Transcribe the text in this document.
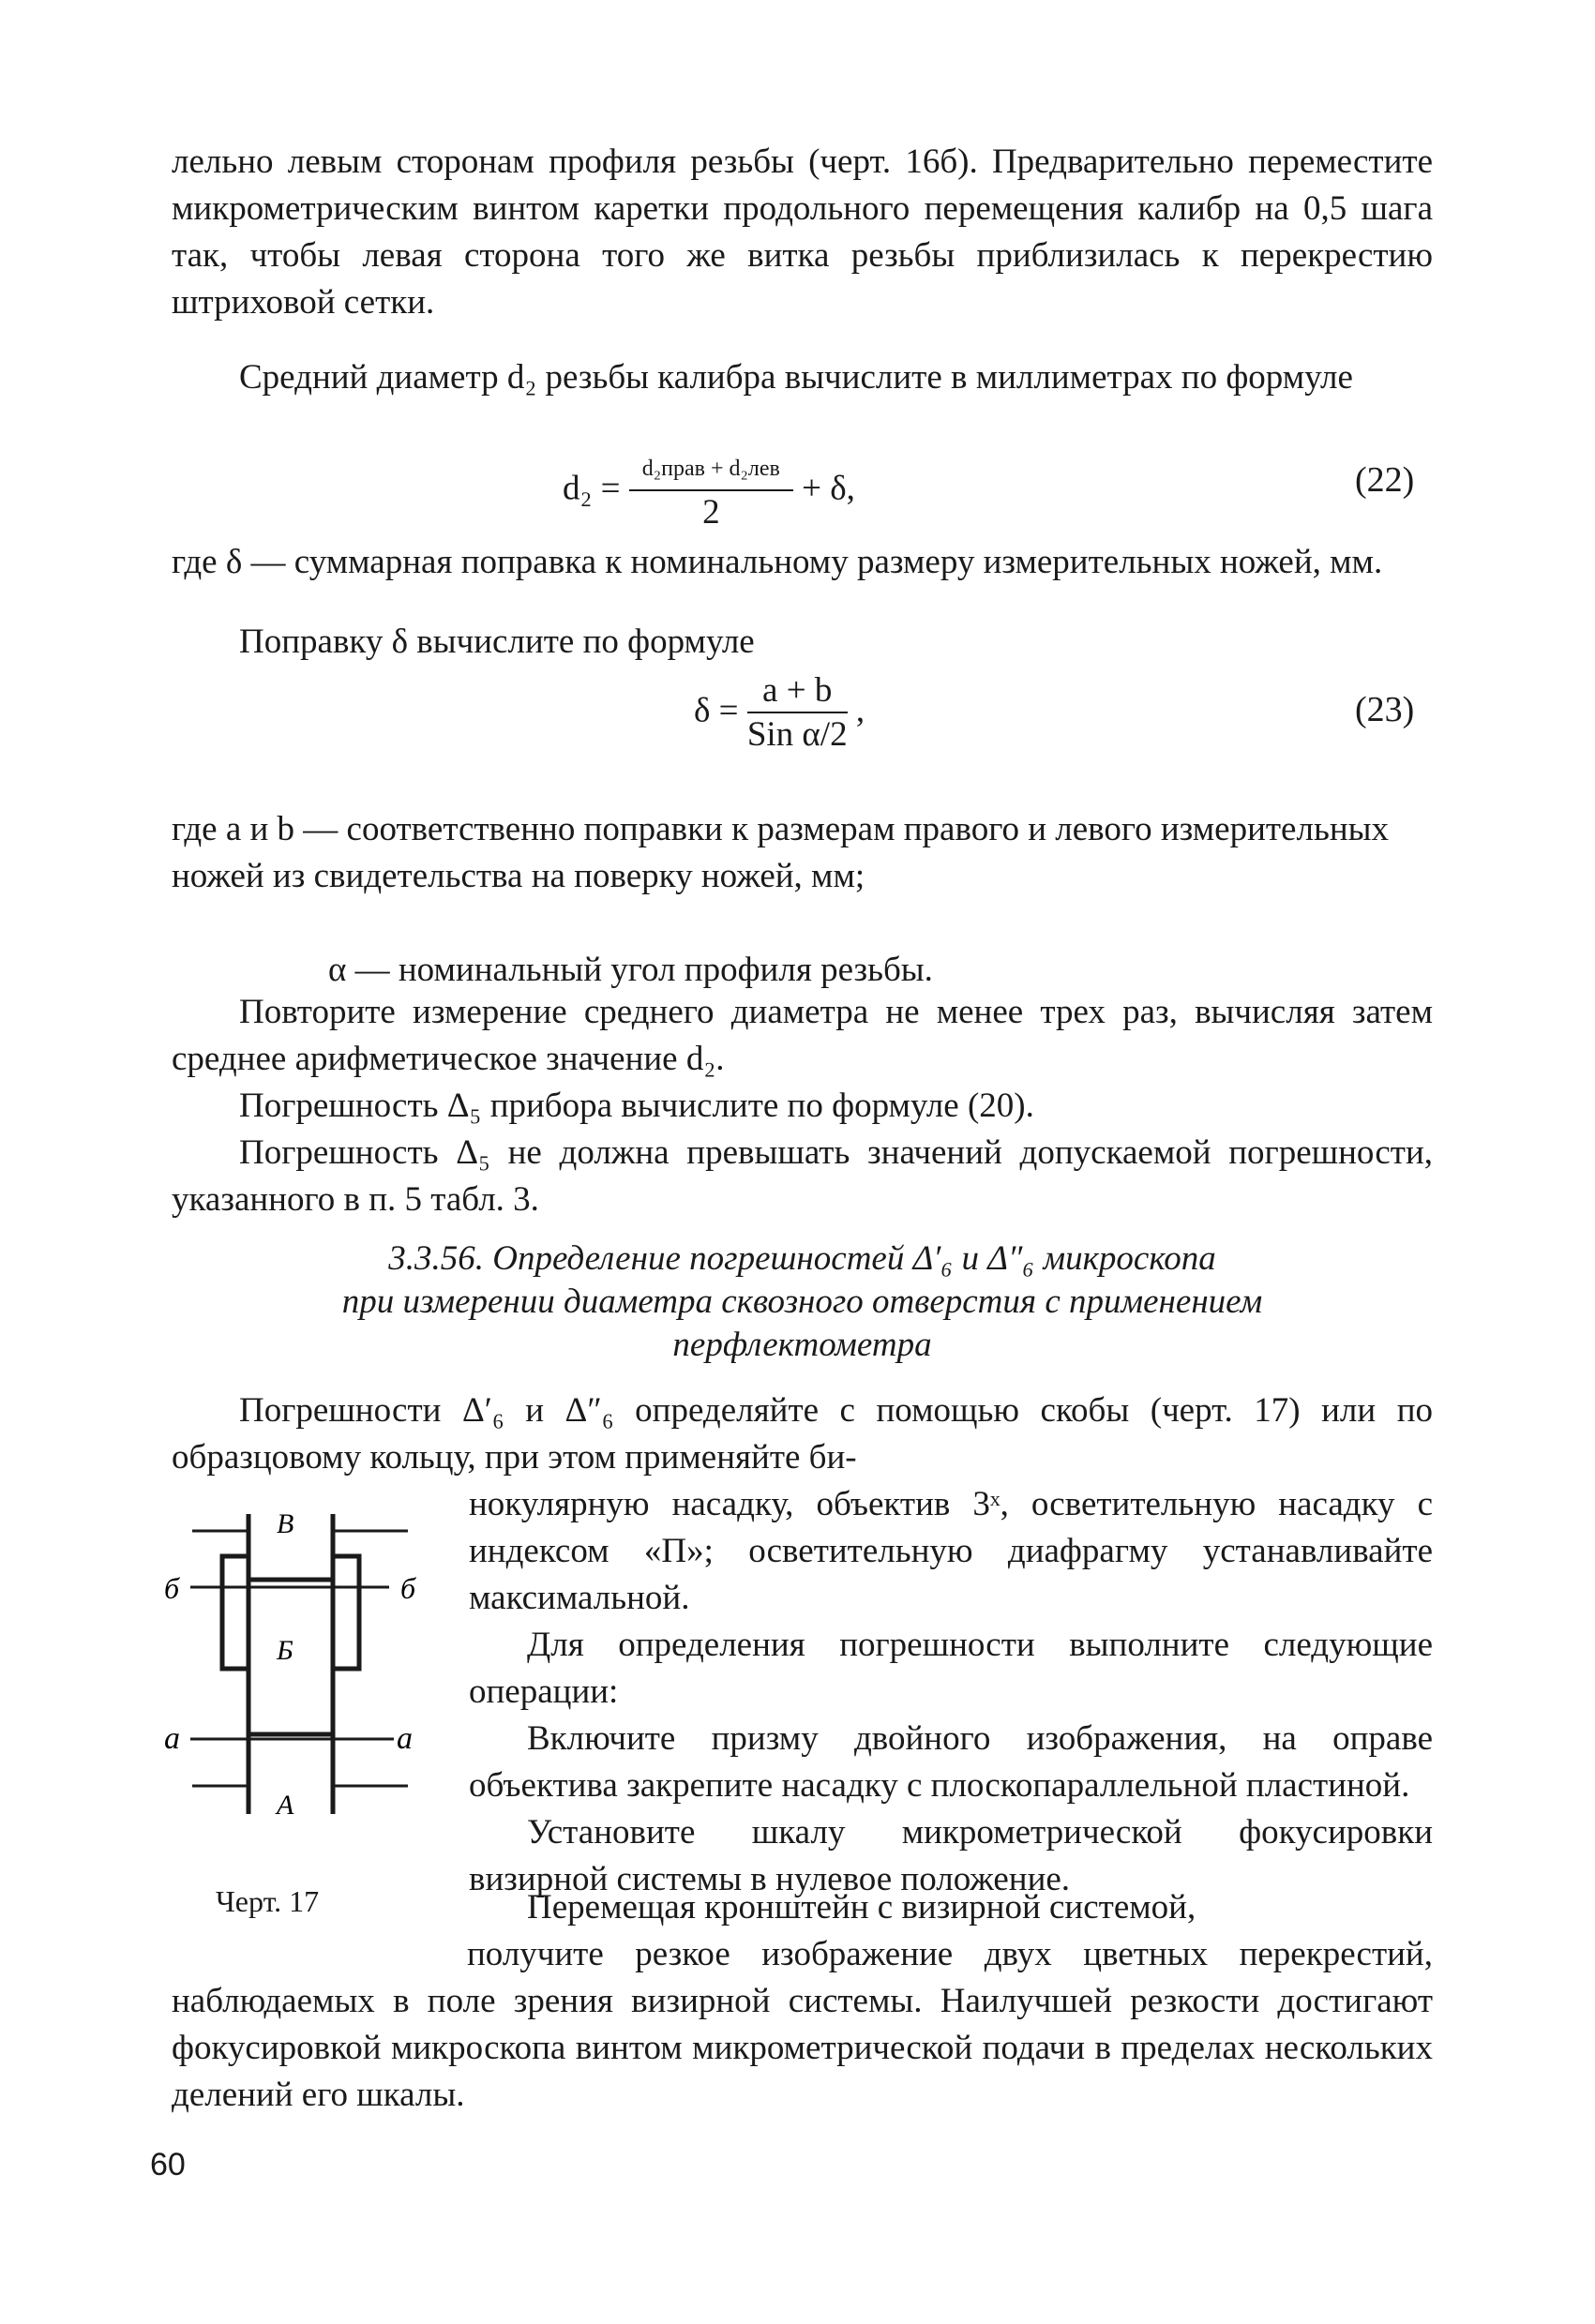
лельно левым сторонам профиля резьбы (черт. 16б). Предварительно переместите микрометрическим винтом каретки продольного перемещения калибр на 0,5 шага так, чтобы левая сторона того же витка резьбы приблизилась к перекрестию штриховой сетки.

Средний диаметр d₂ резьбы калибра вычислите в миллиметрах по формуле

$d_2 = \frac{\text{d₂прав + d₂лев}}{2} + \delta$,	(22)

где δ — суммарная поправка к номинальному размеру измерительных ножей, мм.

Поправку δ вычислите по формуле

$\delta = \frac{a + b}{\text{Sin α/2}}$ ,	(23)

где a и b — соответственно поправки к размерам правого и левого измерительных ножей из свидетельства на поверку ножей, мм;

α — номинальный угол профиля резьбы.

Повторите измерение среднего диаметра не менее трех раз, вычисляя затем среднее арифметическое значение d₂.

Погрешность Δ₅ прибора вычислите по формуле (20).

Погрешность Δ₅ не должна превышать значений допускаемой погрешности, указанного в п. 5 табл. 3.

3.3.56. Определение погрешностей Δ′₆ и Δ″₆ микроскопа

при измерении диаметра сквозного отверстия с применением

перфлектометра

Погрешности Δ′₆ и Δ″₆ определяйте с помощью скобы (черт. 17) или по образцовому кольцу, при этом применяйте би-

нокулярную насадку, объектив 3ˣ, осветительную насадку с индексом «П»; осветительную диафрагму устанавливайте максимальной.

Для определения погрешности выполните следующие операции:

Включите призму двойного изображения, на оправе объектива закрепите насадку с плоскопараллельной пластиной.

Установите шкалу микрометрической фокусировки визирной системы в нулевое положение.

Перемещая кронштейн с визирной системой,

получите резкое изображение двух цветных перекрестий, наблюдаемых в поле зрения визирной системы. Наилучшей резкости достигают фокусировкой микроскопа винтом микрометрической подачи в пределах нескольких делений его шкалы.

В
б	б
Б
а	а
А
Черт. 17
60
